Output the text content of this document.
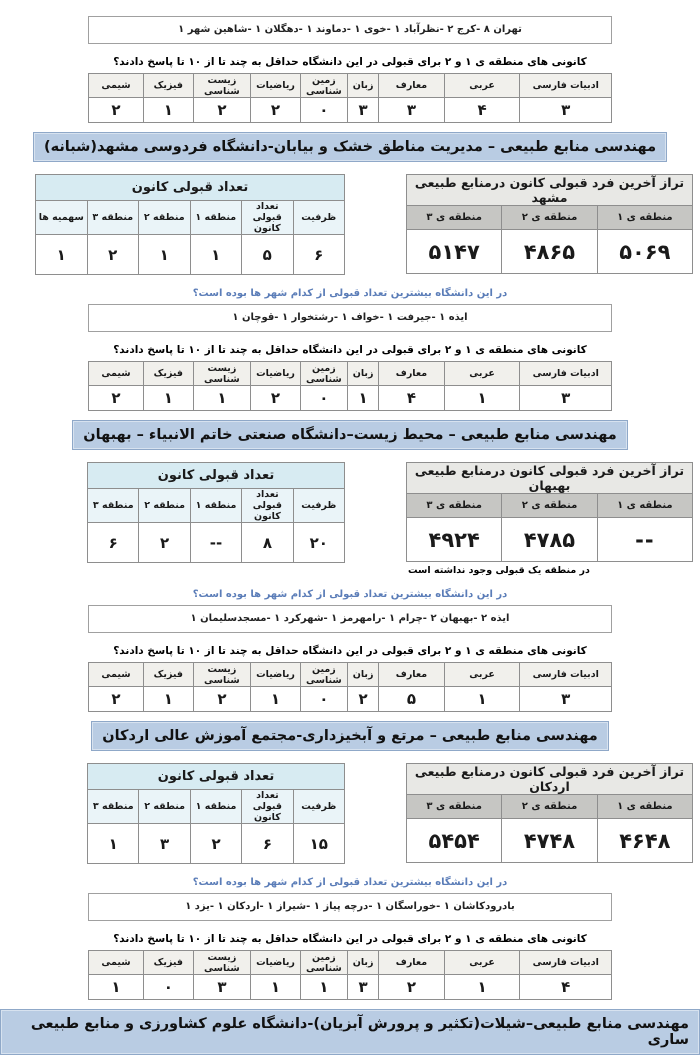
تهران ۸ -کرج ۲ -نظرآباد ۱ -خوی ۱ -دماوند ۱ -دهگلان ۱ -شاهین شهر ۱
کانونی های منطقه ی ۱ و ۲ برای قبولی در این دانشگاه حداقل به چند تا از ۱۰ تا پاسخ دادند؟
ادبیات فارسی	عربی	معارف	زبان	زمین شناسی	ریاضیات	زیست شناسی	فیزیک	شیمی
۳	۴	۳	۳	۰	۲	۲	۱	۲
مهندسی منابع طبیعی – مدیریت مناطق خشک و بیابان-دانشگاه فردوسی مشهد(شبانه)
تراز آخرین فرد قبولی کانون درمنابع طبیعی مشهد		
منطقه ی ۱	منطقه ی ۲	منطقه ی ۳
۵۰۶۹	۴۸۶۵	۵۱۴۷
تعداد قبولی کانون					
ظرفیت	تعداد قبولی کانون	منطقه ۱	منطقه ۲	منطقه ۳	سهمیه ها
۶	۵	۱	۱	۲	۱
در این دانشگاه بیشترین تعداد قبولی از کدام شهر ها بوده است؟
ایذه ۱ -جیرفت ۱ -خواف ۱ -رشتخوار ۱ -قوچان ۱
کانونی های منطقه ی ۱ و ۲ برای قبولی در این دانشگاه حداقل به چند تا از ۱۰ تا پاسخ دادند؟
ادبیات فارسی	عربی	معارف	زبان	زمین شناسی	ریاضیات	زیست شناسی	فیزیک	شیمی
۳	۱	۴	۱	۰	۲	۱	۱	۲
مهندسی منابع طبیعی – محیط زیست–دانشگاه صنعتی خاتم الانبیاء – بهبهان
تراز آخرین فرد قبولی کانون درمنابع طبیعی بهبهان		
منطقه ی ۱	منطقه ی ۲	منطقه ی ۳
--	۴۷۸۵	۴۹۲۴
در منطقه یک قبولی وجود نداشته است
تعداد قبولی کانون				
ظرفیت	تعداد قبولی کانون	منطقه ۱	منطقه ۲	منطقه ۳
۲۰	۸	--	۲	۶
در این دانشگاه بیشترین تعداد قبولی از کدام شهر ها بوده است؟
ایذه ۲ -بهبهان ۲ -چرام ۱ -رامهرمز ۱ -شهرکرد ۱ -مسجدسلیمان ۱
کانونی های منطقه ی ۱ و ۲ برای قبولی در این دانشگاه حداقل به چند تا از ۱۰ تا پاسخ دادند؟
ادبیات فارسی	عربی	معارف	زبان	زمین شناسی	ریاضیات	زیست شناسی	فیزیک	شیمی
۳	۱	۵	۲	۰	۱	۲	۱	۲
مهندسی منابع طبیعی – مرتع و آبخیزداری-مجتمع آموزش عالی اردکان
تراز آخرین فرد قبولی کانون درمنابع طبیعی اردکان		
منطقه ی ۱	منطقه ی ۲	منطقه ی ۳
۴۶۴۸	۴۷۴۸	۵۴۵۴
تعداد قبولی کانون				
ظرفیت	تعداد قبولی کانون	منطقه ۱	منطقه ۲	منطقه ۳
۱۵	۶	۲	۳	۱
در این دانشگاه بیشترین تعداد قبولی از کدام شهر ها بوده است؟
بادرودکاشان ۱ -خوراسگان ۱ -درچه پیاز ۱ -شیراز ۱ -اردکان ۱ -یزد ۱
کانونی های منطقه ی ۱ و ۲ برای قبولی در این دانشگاه حداقل به چند تا از ۱۰ تا پاسخ دادند؟
ادبیات فارسی	عربی	معارف	زبان	زمین شناسی	ریاضیات	زیست شناسی	فیزیک	شیمی
۴	۱	۲	۳	۱	۱	۳	۰	۱
مهندسی منابع طبیعی–شیلات(تکثیر و پرورش آبزیان)-دانشگاه علوم کشاورزی و منابع طبیعی ساری
